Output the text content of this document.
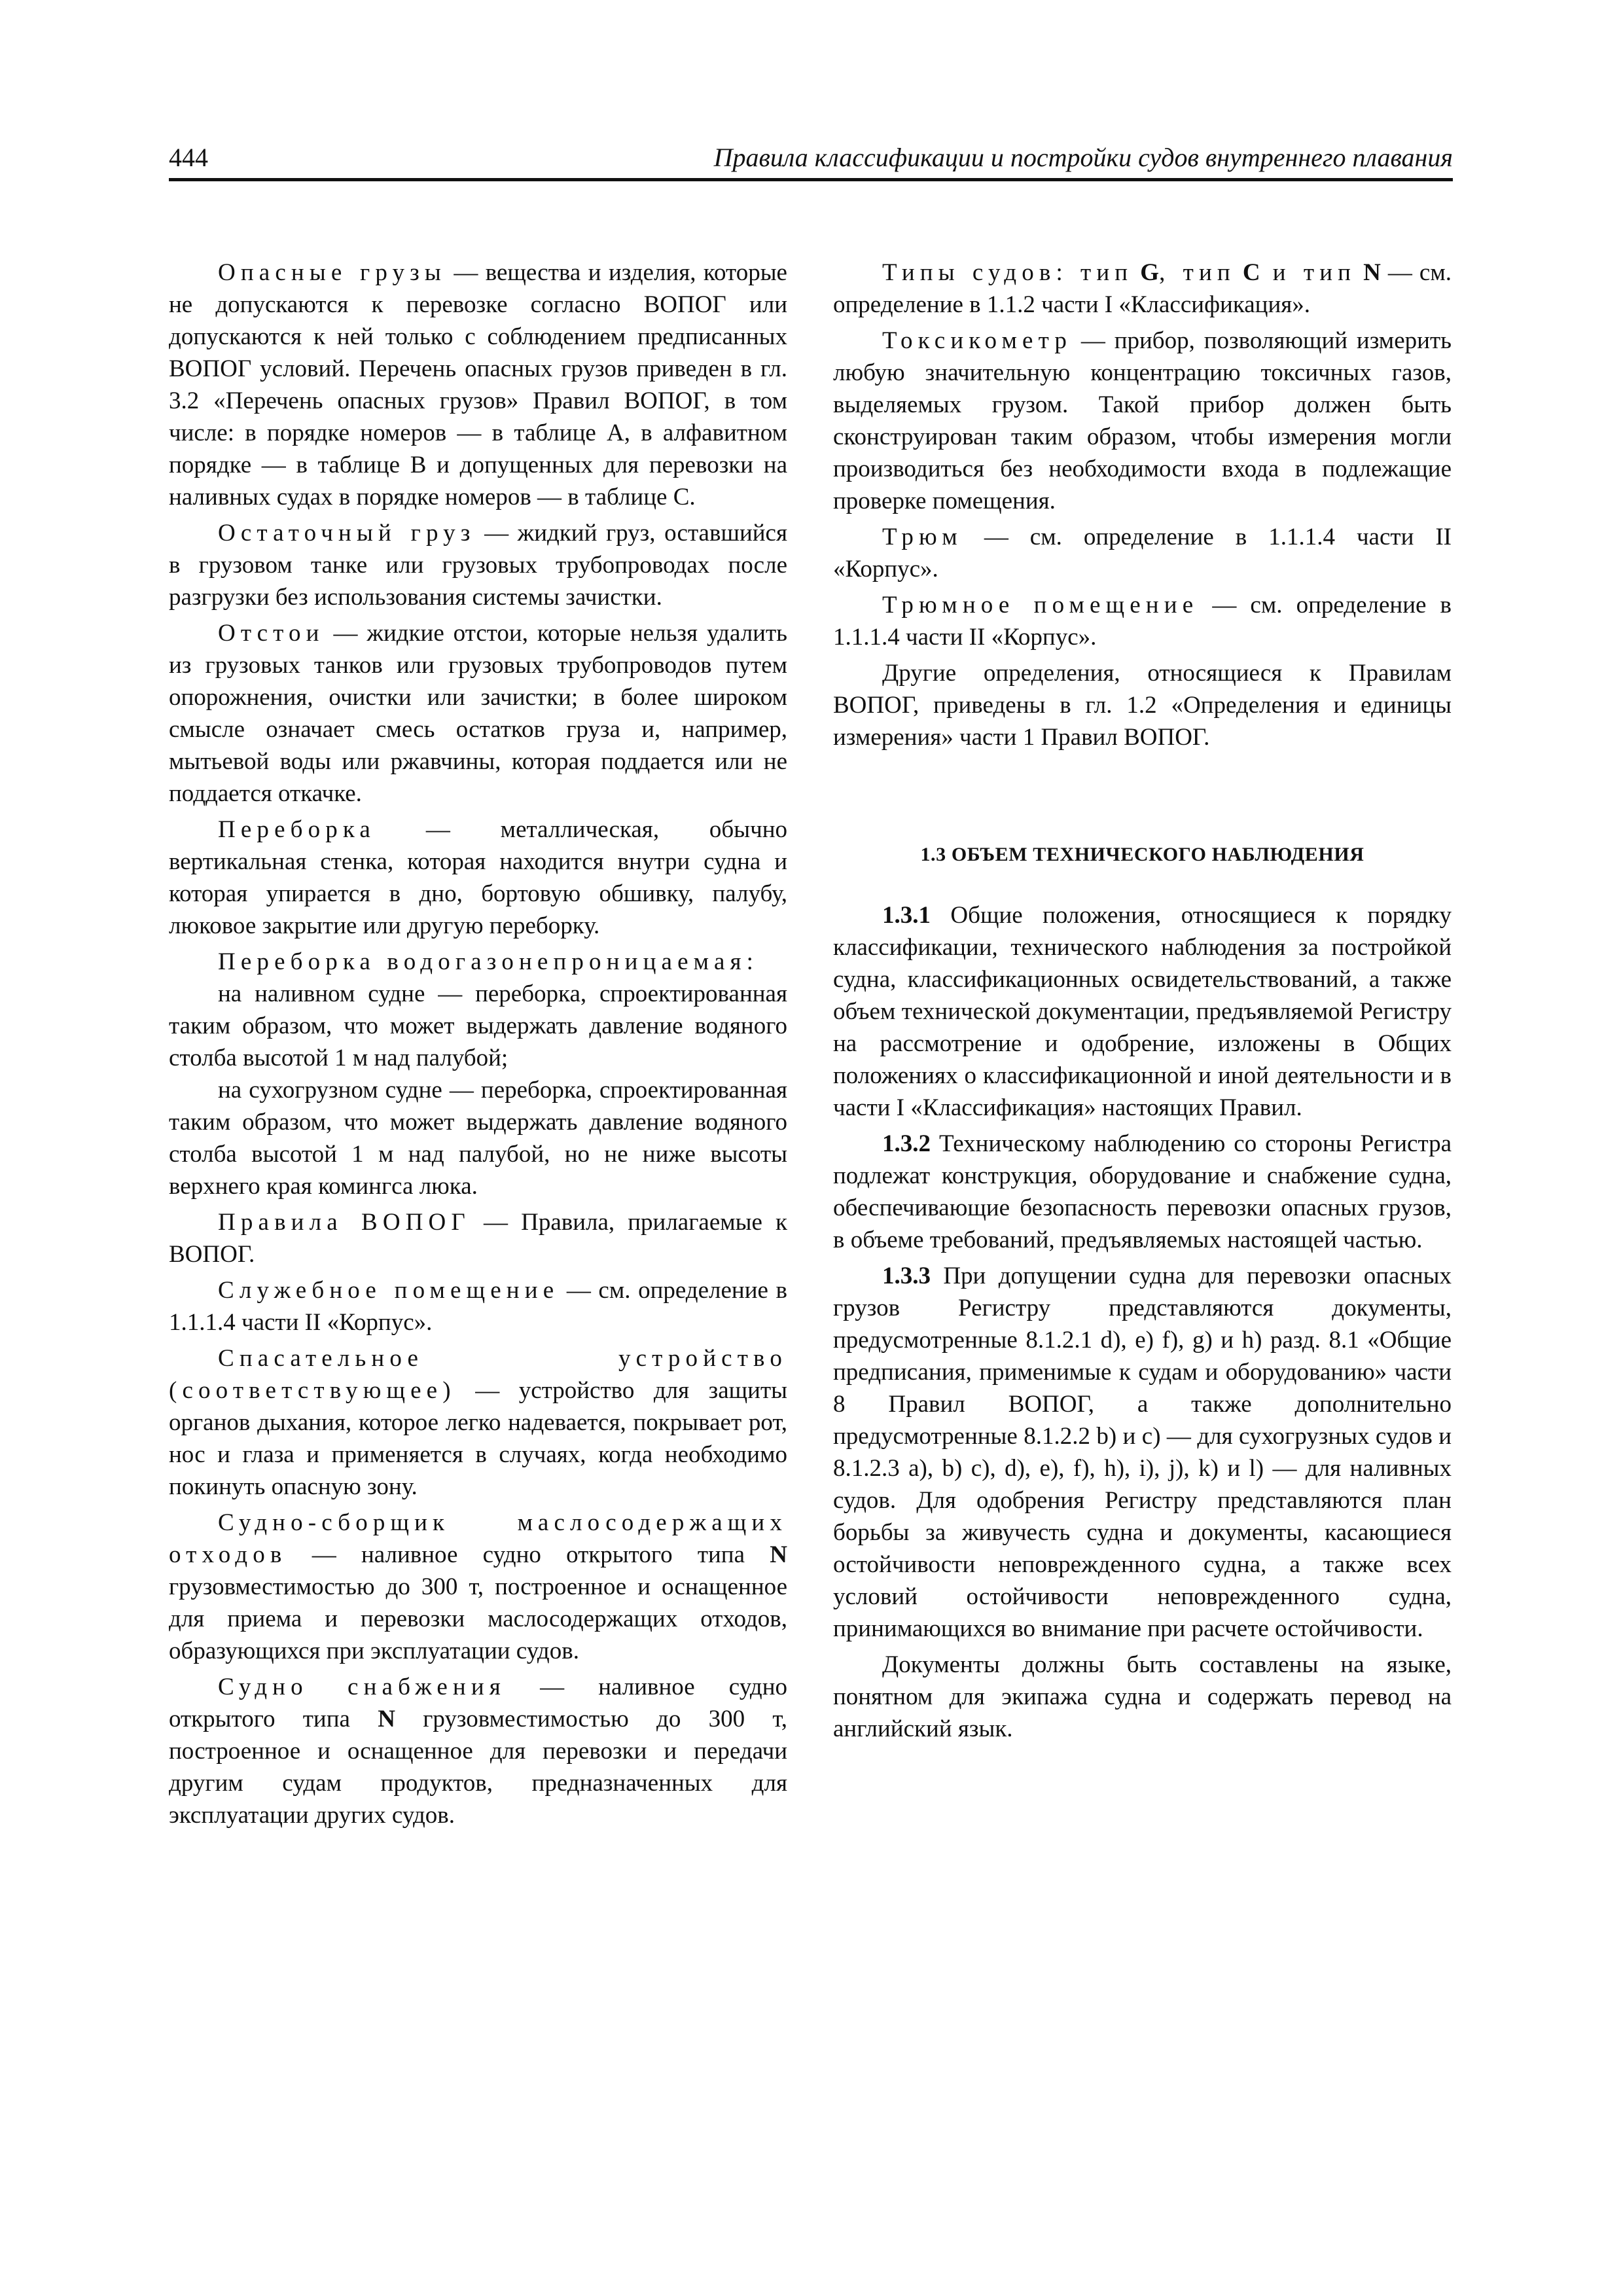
444	Правила классификации и постройки судов внутреннего плавания

Опасные грузы — вещества и изделия, которые не допускаются к перевозке согласно ВОПОГ или допускаются к ней только с соблюдением предписанных ВОПОГ условий. Перечень опасных грузов приведен в гл. 3.2 «Перечень опасных грузов» Правил ВОПОГ, в том числе: в порядке номеров — в таблице А, в алфавитном порядке — в таблице В и допущенных для перевозки на наливных судах в порядке номеров — в таблице С.

Остаточный груз — жидкий груз, оставшийся в грузовом танке или грузовых трубопроводах после разгрузки без использования системы зачистки.

Отстои — жидкие отстои, которые нельзя удалить из грузовых танков или грузовых трубопроводов путем опорожнения, очистки или зачистки; в более широком смысле означает смесь остатков груза и, например, мытьевой воды или ржавчины, которая поддается или не поддается откачке.

Переборка — металлическая, обычно вертикальная стенка, которая находится внутри судна и которая упирается в дно, бортовую обшивку, палубу, люковое закрытие или другую переборку.

Переборка водогазонепроницаемая:

на наливном судне — переборка, спроектированная таким образом, что может выдержать давление водяного столба высотой 1 м над палубой;

на сухогрузном судне — переборка, спроектированная таким образом, что может выдержать давление водяного столба высотой 1 м над палубой, но не ниже высоты верхнего края комингса люка.

Правила ВОПОГ — Правила, прилагаемые к ВОПОГ.

Служебное помещение — см. определение в 1.1.1.4 части II «Корпус».

Спасательное устройство (соответствующее) — устройство для защиты органов дыхания, которое легко надевается, покрывает рот, нос и глаза и применяется в случаях, когда необходимо покинуть опасную зону.

Судно-сборщик маслосодержащих отходов — наливное судно открытого типа N грузовместимостью до 300 т, построенное и оснащенное для приема и перевозки маслосодержащих отходов, образующихся при эксплуатации судов.

Судно снабжения — наливное судно открытого типа N грузовместимостью до 300 т, построенное и оснащенное для перевозки и передачи другим судам продуктов, предназначенных для эксплуатации других судов.

Типы судов: тип G, тип C и тип N — см. определение в 1.1.2 части I «Классификация».

Токсикометр — прибор, позволяющий измерить любую значительную концентрацию токсичных газов, выделяемых грузом. Такой прибор должен быть сконструирован таким образом, чтобы измерения могли производиться без необходимости входа в подлежащие проверке помещения.

Трюм — см. определение в 1.1.1.4 части II «Корпус».

Трюмное помещение — см. определение в 1.1.1.4 части II «Корпус».

Другие определения, относящиеся к Правилам ВОПОГ, приведены в гл. 1.2 «Определения и единицы измерения» части 1 Правил ВОПОГ.

1.3 ОБЪЕМ ТЕХНИЧЕСКОГО НАБЛЮДЕНИЯ

1.3.1 Общие положения, относящиеся к порядку классификации, технического наблюдения за постройкой судна, классификационных освидетельствований, а также объем технической документации, предъявляемой Регистру на рассмотрение и одобрение, изложены в Общих положениях о классификационной и иной деятельности и в части I «Классификация» настоящих Правил.

1.3.2 Техническому наблюдению со стороны Регистра подлежат конструкция, оборудование и снабжение судна, обеспечивающие безопасность перевозки опасных грузов, в объеме требований, предъявляемых настоящей частью.

1.3.3 При допущении судна для перевозки опасных грузов Регистру представляются документы, предусмотренные 8.1.2.1 d), e) f), g) и h) разд. 8.1 «Общие предписания, применимые к судам и оборудованию» части 8 Правил ВОПОГ, а также дополнительно предусмотренные 8.1.2.2 b) и c) — для сухогрузных судов и 8.1.2.3 a), b) c), d), e), f), h), i), j), k) и l) — для наливных судов. Для одобрения Регистру представляются план борьбы за живучесть судна и документы, касающиеся остойчивости неповрежденного судна, а также всех условий остойчивости неповрежденного судна, принимающихся во внимание при расчете остойчивости.

Документы должны быть составлены на языке, понятном для экипажа судна и содержать перевод на английский язык.
